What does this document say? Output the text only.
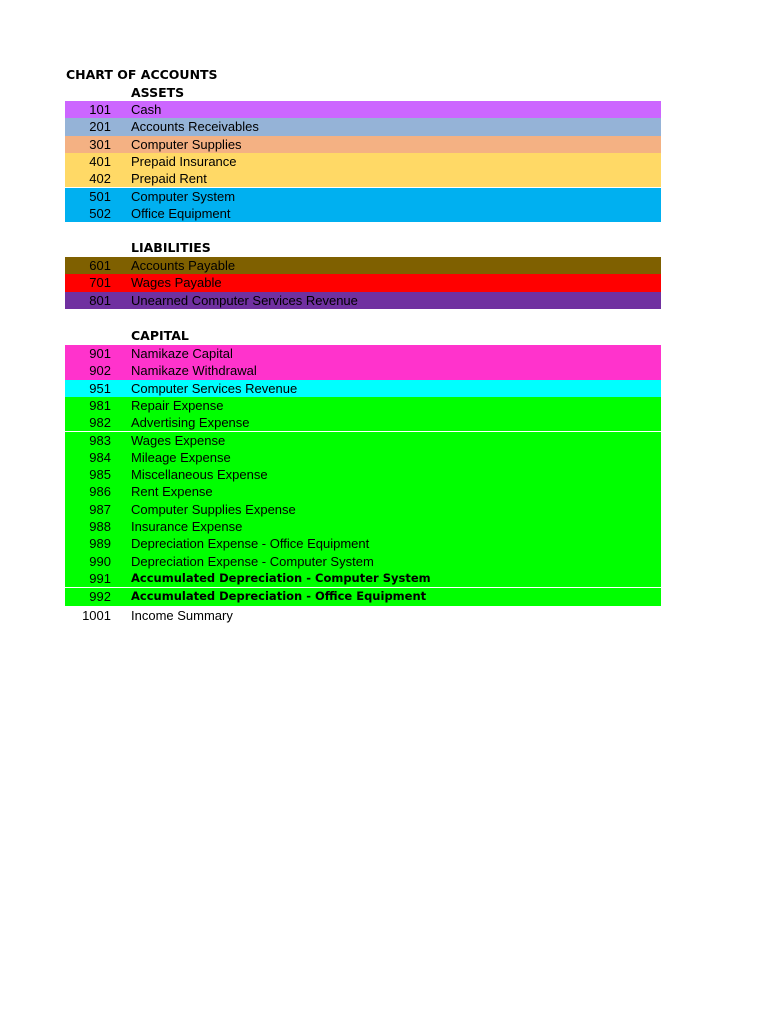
CHART OF ACCOUNTS
ASSETS
LIABILITIES
CAPITAL
101 Cash
201 Accounts Receivables
301 Computer Supplies
401 Prepaid Insurance
402 Prepaid Rent
501 Computer System
502 Office Equipment
601 Accounts Payable
701 Wages Payable
801 Unearned Computer Services Revenue
901 Namikaze Capital
902 Namikaze Withdrawal
951 Computer Services Revenue
981 Repair Expense
982 Advertising Expense
983 Wages Expense
984 Mileage Expense
985 Miscellaneous Expense
986 Rent Expense
987 Computer Supplies Expense
988 Insurance Expense
989 Depreciation Expense - Office Equipment
990 Depreciation Expense - Computer System
991 Accumulated Depreciation - Computer System
992 Accumulated Depreciation - Office Equipment
1001 Income Summary
